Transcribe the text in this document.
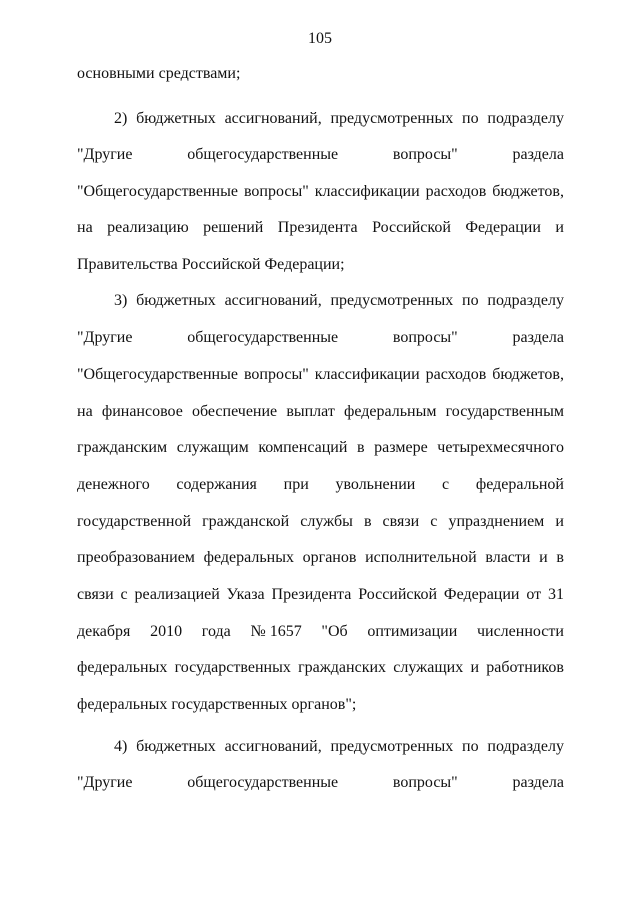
105
основными средствами;
2) бюджетных ассигнований, предусмотренных по подразделу
"Другие	общегосударственные	вопросы"	раздела
"Общегосударственные вопросы" классификации расходов бюджетов,
на реализацию решений Президента Российской Федерации и
Правительства Российской Федерации;
3) бюджетных ассигнований, предусмотренных по подразделу
"Другие	общегосударственные	вопросы"	раздела
"Общегосударственные вопросы" классификации расходов бюджетов,
на финансовое обеспечение выплат федеральным государственным
гражданским служащим компенсаций в размере четырехмесячного
денежного содержания при увольнении с федеральной
государственной гражданской службы в связи с упразднением и
преобразованием федеральных органов исполнительной власти и в
связи с реализацией Указа Президента Российской Федерации от 31
декабря 2010 года № 1657 "Об оптимизации численности
федеральных государственных гражданских служащих и работников
федеральных государственных органов";
4) бюджетных ассигнований, предусмотренных по подразделу
"Другие	общегосударственные	вопросы"	раздела
